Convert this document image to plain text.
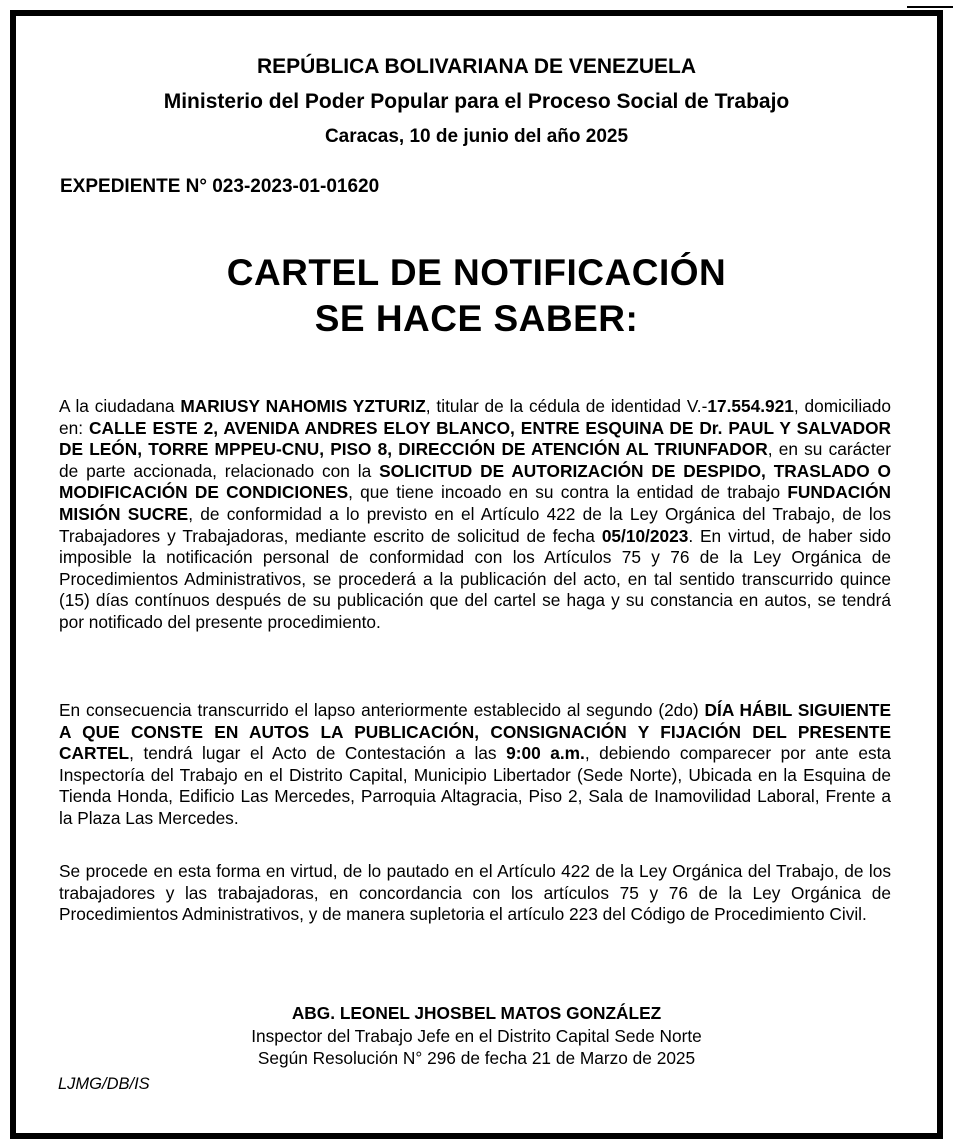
REPÚBLICA BOLIVARIANA DE VENEZUELA
Ministerio del Poder Popular para el Proceso Social de Trabajo
Caracas, 10 de junio del año 2025
EXPEDIENTE N° 023-2023-01-01620
CARTEL DE NOTIFICACIÓN
SE HACE SABER:

A la ciudadana MARIUSY NAHOMIS YZTURIZ, titular de la cédula de identidad V.-17.554.921, domiciliado en: CALLE ESTE 2, AVENIDA ANDRES ELOY BLANCO, ENTRE ESQUINA DE Dr. PAUL Y SALVADOR DE LEÓN, TORRE MPPEU-CNU, PISO 8, DIRECCIÓN DE ATENCIÓN AL TRIUNFADOR, en su carácter de parte accionada, relacionado con la SOLICITUD DE AUTORIZACIÓN DE DESPIDO, TRASLADO O MODIFICACIÓN DE CONDICIONES, que tiene incoado en su contra la entidad de trabajo FUNDACIÓN MISIÓN SUCRE, de conformidad a lo previsto en el Artículo 422 de la Ley Orgánica del Trabajo, de los Trabajadores y Trabajadoras, mediante escrito de solicitud de fecha 05/10/2023. En virtud, de haber sido imposible la notificación personal de conformidad con los Artículos 75 y 76 de la Ley Orgánica de Procedimientos Administrativos, se procederá a la publicación del acto, en tal sentido transcurrido quince (15) días contínuos después de su publicación que del cartel se haga y su constancia en autos, se tendrá por notificado del presente procedimiento.

En consecuencia transcurrido el lapso anteriormente establecido al segundo (2do) DÍA HÁBIL SIGUIENTE A QUE CONSTE EN AUTOS LA PUBLICACIÓN, CONSIGNACIÓN Y FIJACIÓN DEL PRESENTE CARTEL, tendrá lugar el Acto de Contestación a las 9:00 a.m., debiendo comparecer por ante esta Inspectoría del Trabajo en el Distrito Capital, Municipio Libertador (Sede Norte), Ubicada en la Esquina de Tienda Honda, Edificio Las Mercedes, Parroquia Altagracia, Piso 2, Sala de Inamovilidad Laboral, Frente a la Plaza Las Mercedes.

Se procede en esta forma en virtud, de lo pautado en el Artículo 422 de la Ley Orgánica del Trabajo, de los trabajadores y las trabajadoras, en concordancia con los artículos 75 y 76 de la Ley Orgánica de Procedimientos Administrativos, y de manera supletoria el artículo 223 del Código de Procedimiento Civil.

ABG. LEONEL JHOSBEL MATOS GONZÁLEZ
Inspector del Trabajo Jefe en el Distrito Capital Sede Norte
Según Resolución N° 296 de fecha 21 de Marzo de 2025
LJMG/DB/IS
